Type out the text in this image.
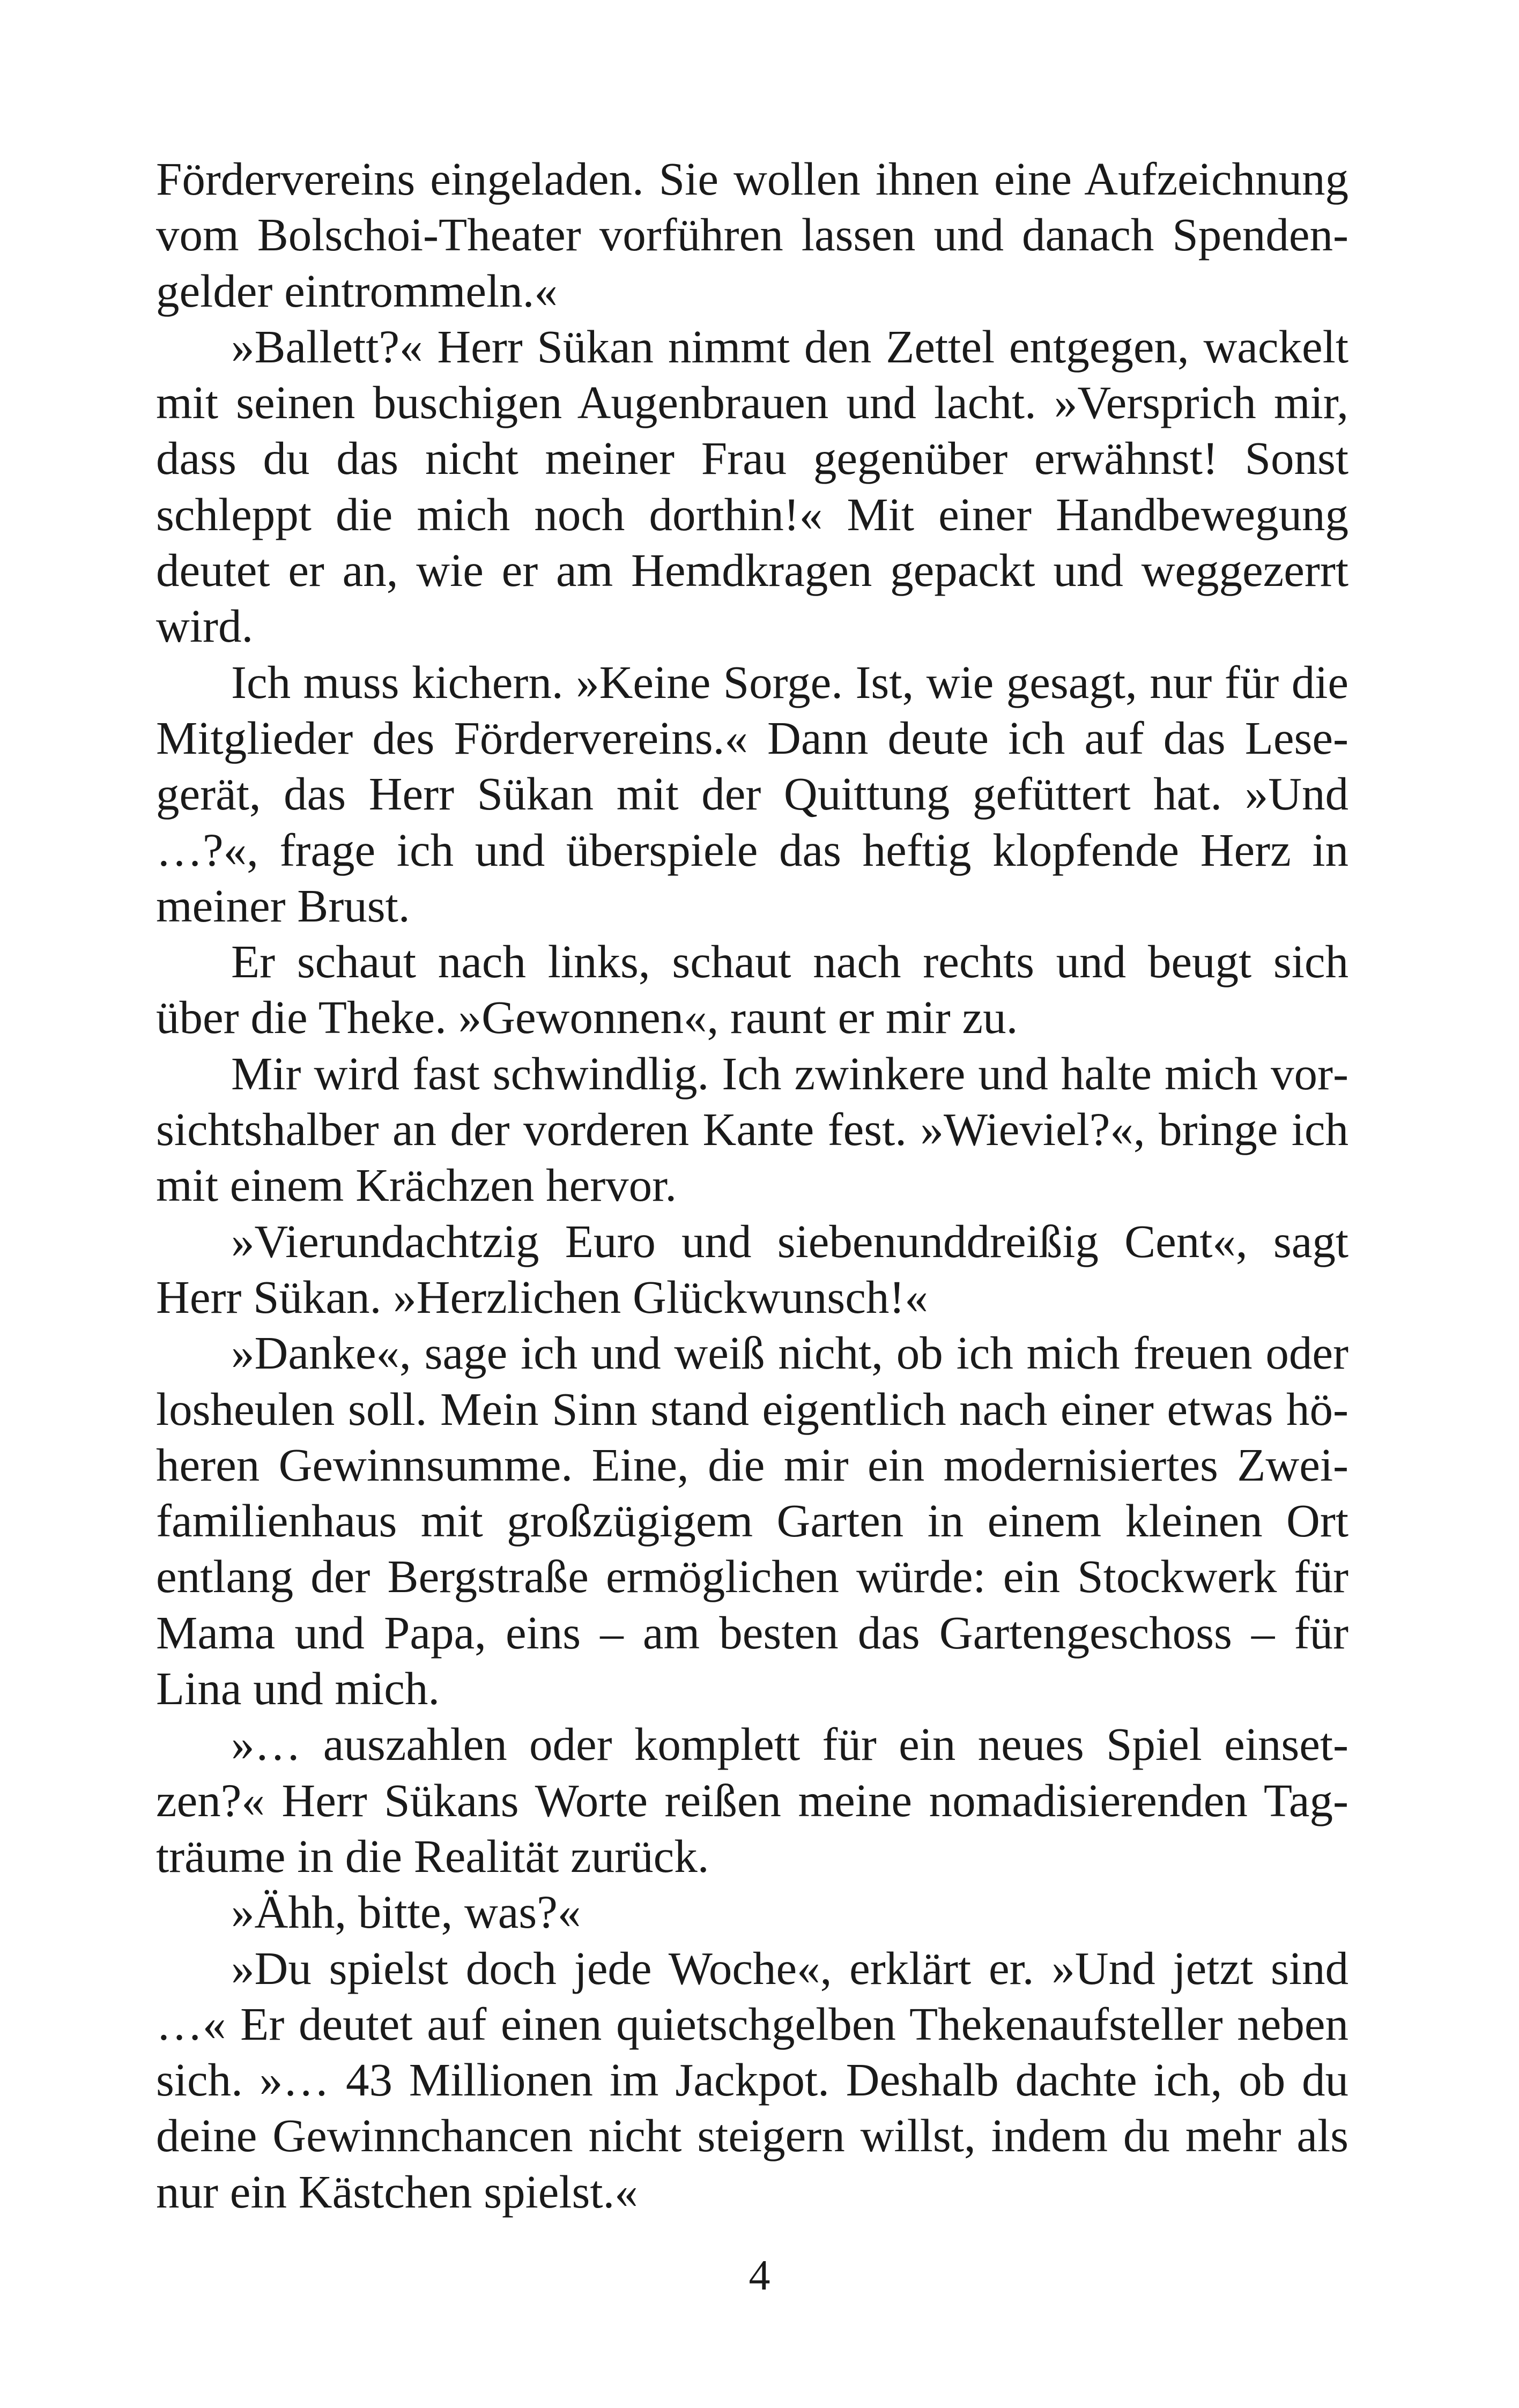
Fördervereins eingeladen. Sie wollen ihnen eine Aufzeichnung vom Bolschoi-Theater vorführen lassen und danach Spendengelder eintrommeln.«

»Ballett?« Herr Sükan nimmt den Zettel entgegen, wackelt mit seinen buschigen Augenbrauen und lacht. »Versprich mir, dass du das nicht meiner Frau gegenüber erwähnst! Sonst schleppt die mich noch dorthin!« Mit einer Handbewegung deutet er an, wie er am Hemdkragen gepackt und weggezerrt wird.

Ich muss kichern. »Keine Sorge. Ist, wie gesagt, nur für die Mitglieder des Fördervereins.« Dann deute ich auf das Lesegerät, das Herr Sükan mit der Quittung gefüttert hat. »Und …?«, frage ich und überspiele das heftig klopfende Herz in meiner Brust.

Er schaut nach links, schaut nach rechts und beugt sich über die Theke. »Gewonnen«, raunt er mir zu.

Mir wird fast schwindlig. Ich zwinkere und halte mich vorsichtshalber an der vorderen Kante fest. »Wieviel?«, bringe ich mit einem Krächzen hervor.

»Vierundachtzig Euro und siebenunddreißig Cent«, sagt Herr Sükan. »Herzlichen Glückwunsch!«

»Danke«, sage ich und weiß nicht, ob ich mich freuen oder losheulen soll. Mein Sinn stand eigentlich nach einer etwas höheren Gewinnsumme. Eine, die mir ein modernisiertes Zweifamilienhaus mit großzügigem Garten in einem kleinen Ort entlang der Bergstraße ermöglichen würde: ein Stockwerk für Mama und Papa, eins – am besten das Gartengeschoss – für Lina und mich.

»… auszahlen oder komplett für ein neues Spiel einsetzen?« Herr Sükans Worte reißen meine nomadisierenden Tagträume in die Realität zurück.

»Ähh, bitte, was?«

»Du spielst doch jede Woche«, erklärt er. »Und jetzt sind …« Er deutet auf einen quietschgelben Thekenaufsteller neben sich. »… 43 Millionen im Jackpot. Deshalb dachte ich, ob du deine Gewinnchancen nicht steigern willst, indem du mehr als nur ein Kästchen spielst.«

4
